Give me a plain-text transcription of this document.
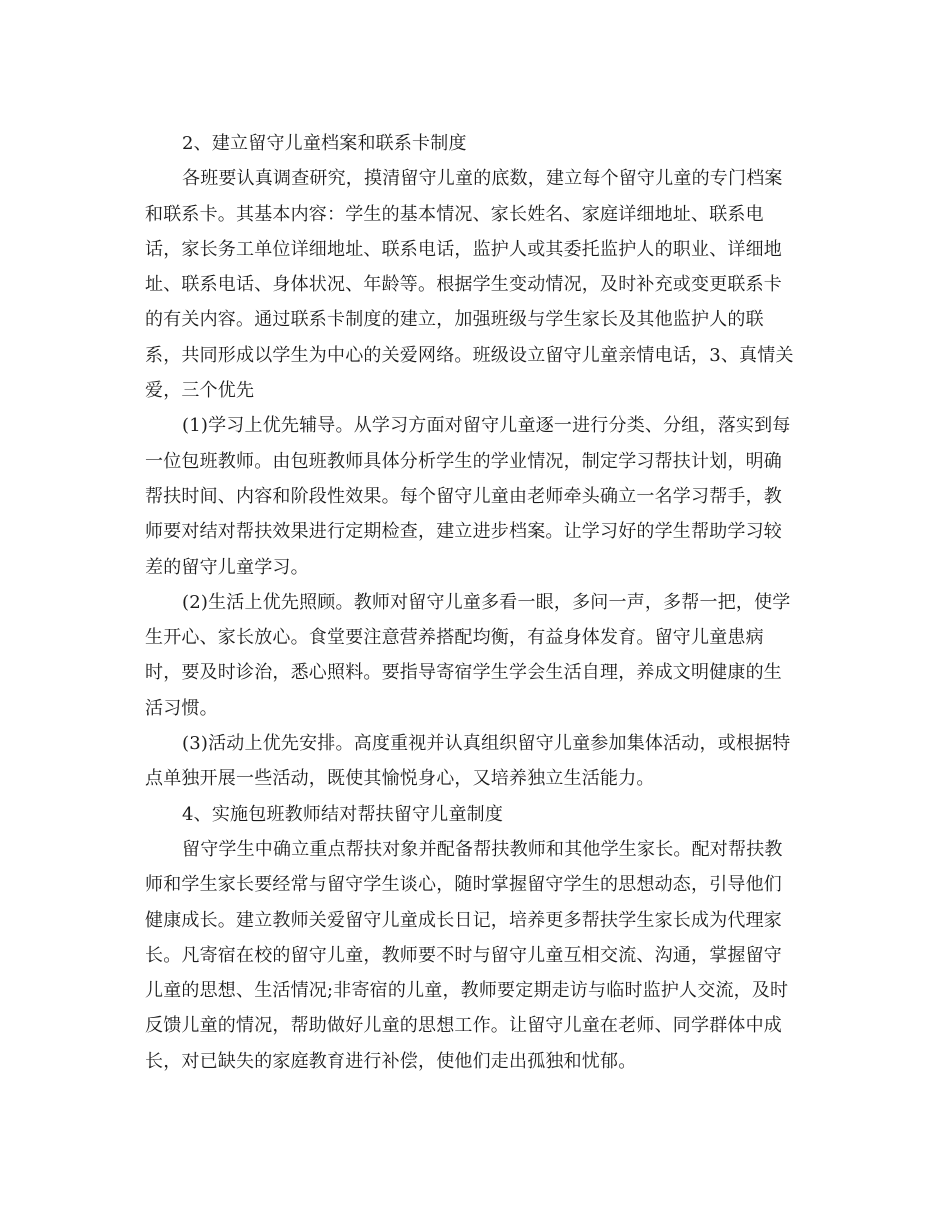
2、建立留守儿童档案和联系卡制度
各班要认真调查研究，摸清留守儿童的底数，建立每个留守儿童的专门档案
和联系卡。其基本内容：学生的基本情况、家长姓名、家庭详细地址、联系电
话，家长务工单位详细地址、联系电话，监护人或其委托监护人的职业、详细地
址、联系电话、身体状况、年龄等。根据学生变动情况，及时补充或变更联系卡
的有关内容。通过联系卡制度的建立，加强班级与学生家长及其他监护人的联
系，共同形成以学生为中心的关爱网络。班级设立留守儿童亲情电话，3、真情关
爱，三个优先
(1)学习上优先辅导。从学习方面对留守儿童逐一进行分类、分组，落实到每
一位包班教师。由包班教师具体分析学生的学业情况，制定学习帮扶计划，明确
帮扶时间、内容和阶段性效果。每个留守儿童由老师牵头确立一名学习帮手，教
师要对结对帮扶效果进行定期检查，建立进步档案。让学习好的学生帮助学习较
差的留守儿童学习。
(2)生活上优先照顾。教师对留守儿童多看一眼，多问一声，多帮一把，使学
生开心、家长放心。食堂要注意营养搭配均衡，有益身体发育。留守儿童患病
时，要及时诊治，悉心照料。要指导寄宿学生学会生活自理，养成文明健康的生
活习惯。
(3)活动上优先安排。高度重视并认真组织留守儿童参加集体活动，或根据特
点单独开展一些活动，既使其愉悦身心，又培养独立生活能力。
4、实施包班教师结对帮扶留守儿童制度
留守学生中确立重点帮扶对象并配备帮扶教师和其他学生家长。配对帮扶教
师和学生家长要经常与留守学生谈心，随时掌握留守学生的思想动态，引导他们
健康成长。建立教师关爱留守儿童成长日记，培养更多帮扶学生家长成为代理家
长。凡寄宿在校的留守儿童，教师要不时与留守儿童互相交流、沟通，掌握留守
儿童的思想、生活情况;非寄宿的儿童，教师要定期走访与临时监护人交流，及时
反馈儿童的情况，帮助做好儿童的思想工作。让留守儿童在老师、同学群体中成
长，对已缺失的家庭教育进行补偿，使他们走出孤独和忧郁。
